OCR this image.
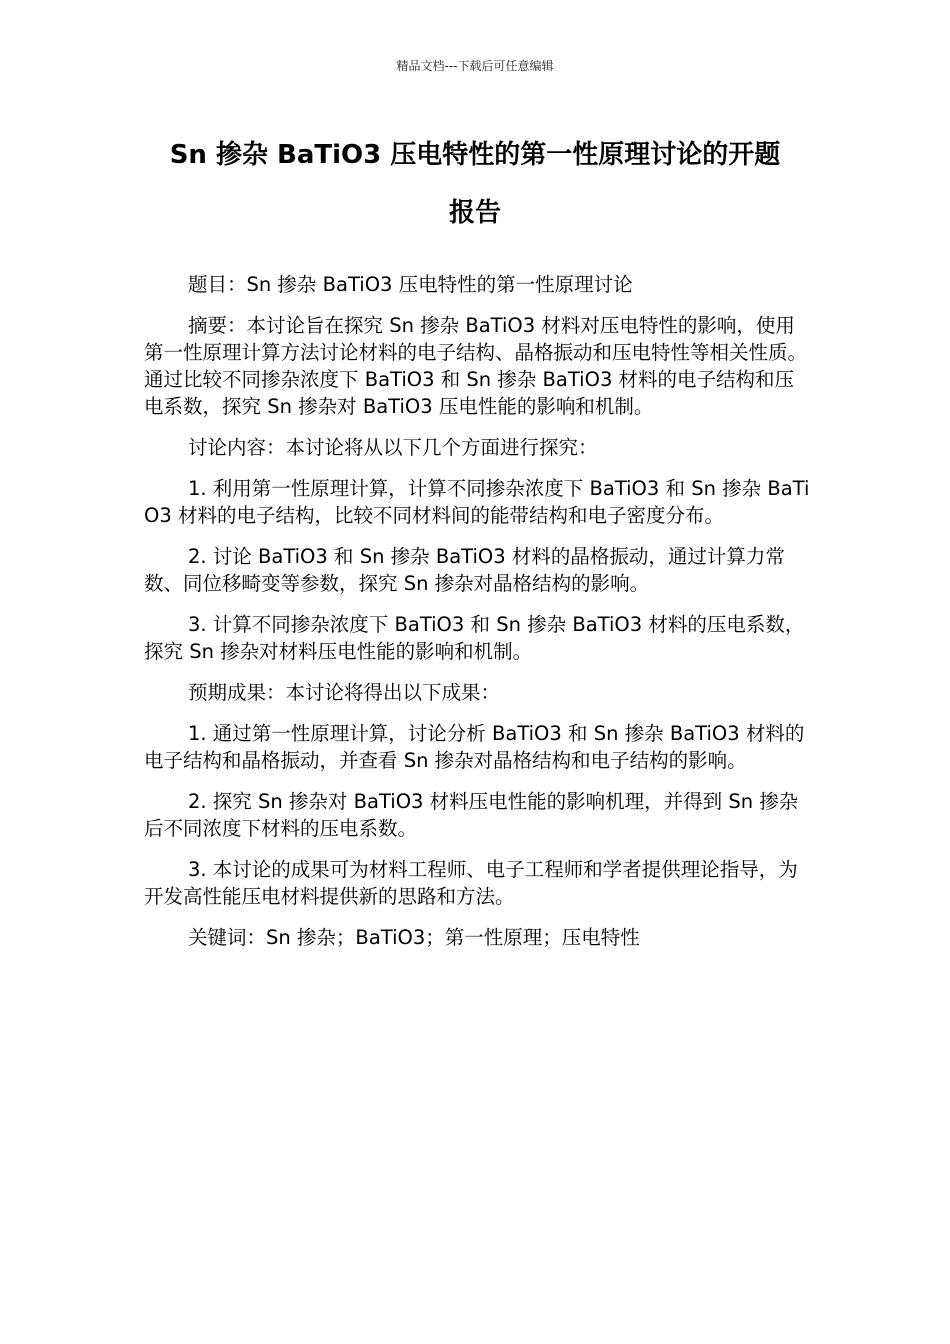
精品文档---下载后可任意编辑
Sn 掺杂 BaTiO3 压电特性的第一性原理讨论的开题
报告

题目：Sn 掺杂 BaTiO3 压电特性的第一性原理讨论

摘要：本讨论旨在探究 Sn 掺杂 BaTiO3 材料对压电特性的影响，使用第一性原理计算方法讨论材料的电子结构、晶格振动和压电特性等相关性质。通过比较不同掺杂浓度下 BaTiO3 和 Sn 掺杂 BaTiO3 材料的电子结构和压电系数，探究 Sn 掺杂对 BaTiO3 压电性能的影响和机制。

讨论内容：本讨论将从以下几个方面进行探究：

1. 利用第一性原理计算，计算不同掺杂浓度下 BaTiO3 和 Sn 掺杂 BaTiO3 材料的电子结构，比较不同材料间的能带结构和电子密度分布。

2. 讨论 BaTiO3 和 Sn 掺杂 BaTiO3 材料的晶格振动，通过计算力常数、同位移畸变等参数，探究 Sn 掺杂对晶格结构的影响。

3. 计算不同掺杂浓度下 BaTiO3 和 Sn 掺杂 BaTiO3 材料的压电系数，探究 Sn 掺杂对材料压电性能的影响和机制。

预期成果：本讨论将得出以下成果：

1. 通过第一性原理计算，讨论分析 BaTiO3 和 Sn 掺杂 BaTiO3 材料的电子结构和晶格振动，并查看 Sn 掺杂对晶格结构和电子结构的影响。

2. 探究 Sn 掺杂对 BaTiO3 材料压电性能的影响机理，并得到 Sn 掺杂后不同浓度下材料的压电系数。

3. 本讨论的成果可为材料工程师、电子工程师和学者提供理论指导，为开发高性能压电材料提供新的思路和方法。

关键词：Sn 掺杂；BaTiO3；第一性原理；压电特性
